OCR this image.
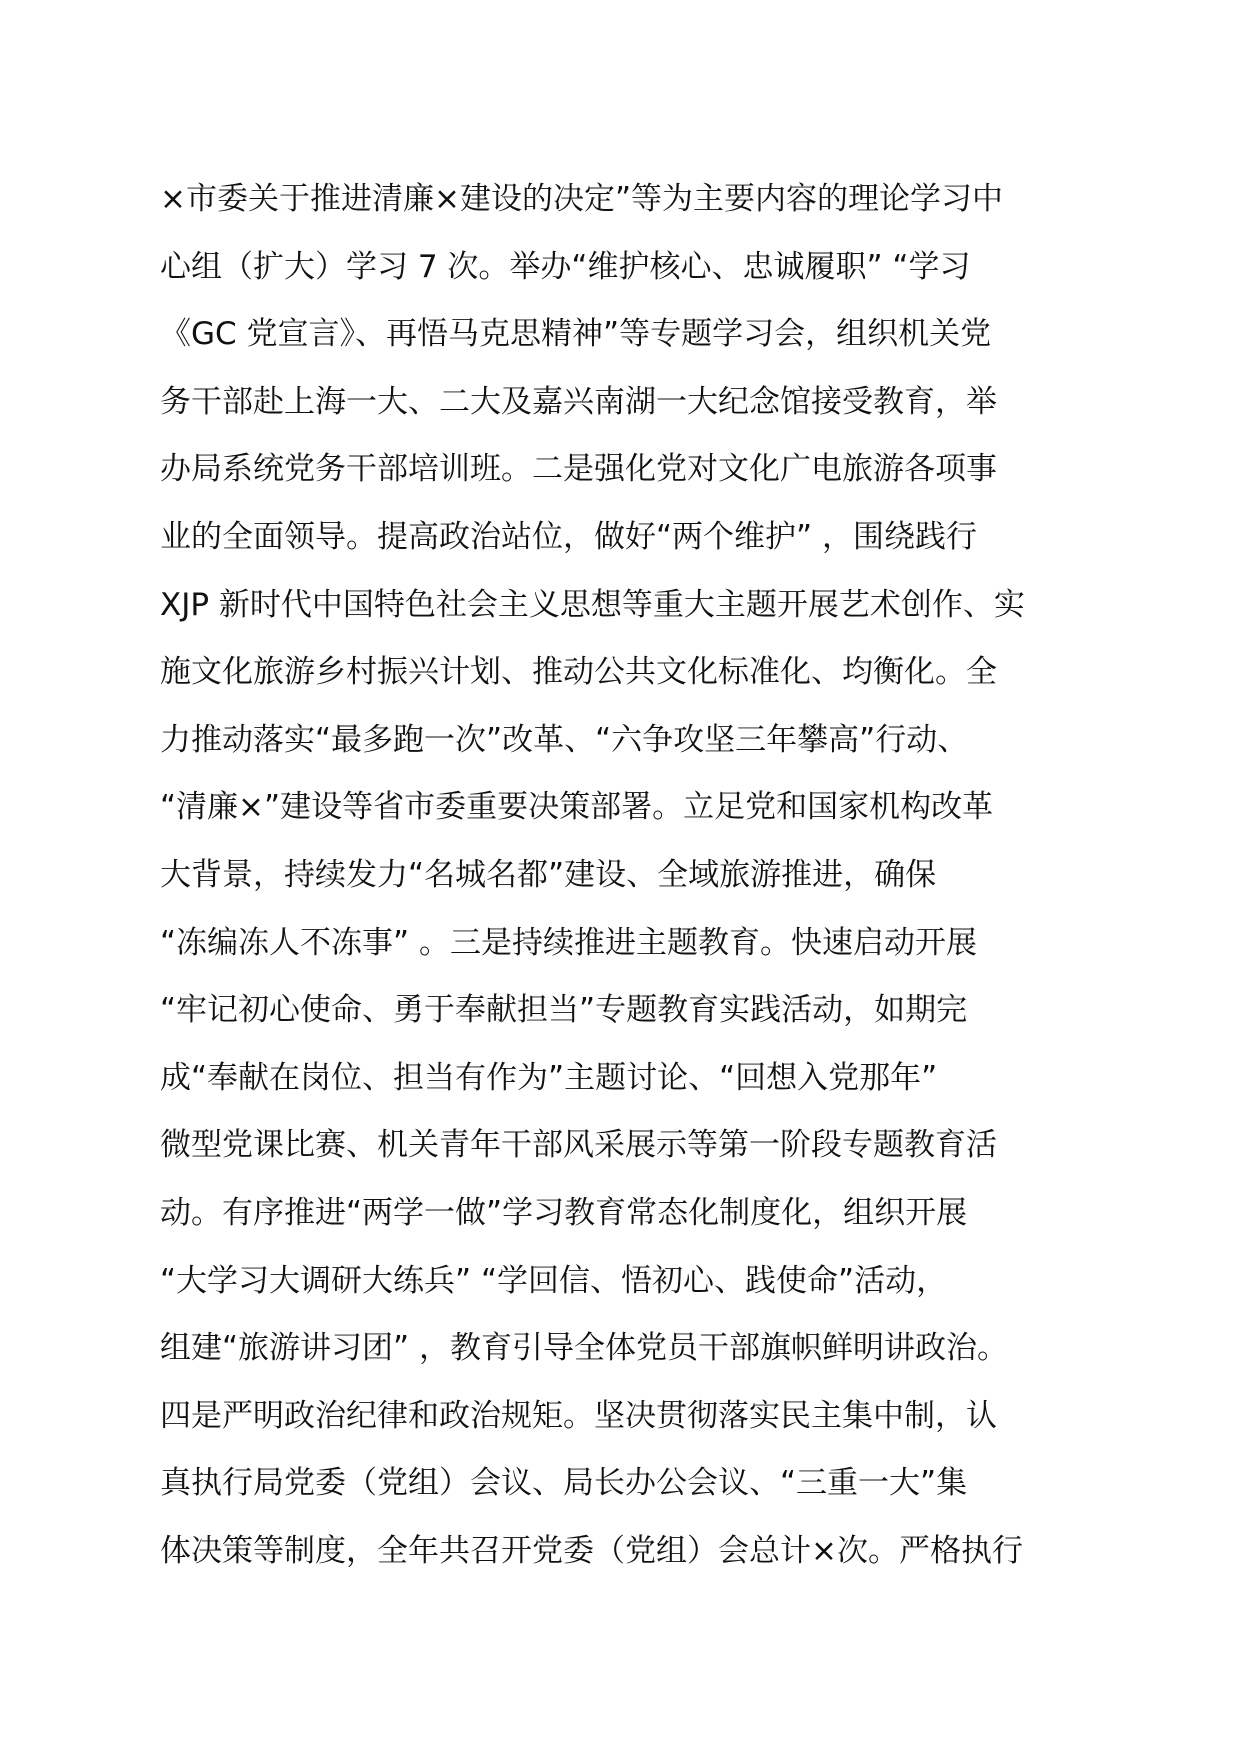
×市委关于推进清廉×建设的决定”等为主要内容的理论学习中
心组（扩大）学习 7 次。举办“维护核心、忠诚履职” “学习
《GC 党宣言》、再悟马克思精神”等专题学习会，组织机关党
务干部赴上海一大、二大及嘉兴南湖一大纪念馆接受教育，举
办局系统党务干部培训班。二是强化党对文化广电旅游各项事
业的全面领导。提高政治站位，做好“两个维护” ，围绕践行
XJP 新时代中国特色社会主义思想等重大主题开展艺术创作、实
施文化旅游乡村振兴计划、推动公共文化标准化、均衡化。全
力推动落实“最多跑一次”改革、“六争攻坚三年攀高”行动、
“清廉×”建设等省市委重要决策部署。立足党和国家机构改革
大背景，持续发力“名城名都”建设、全域旅游推进，确保
“冻编冻人不冻事” 。三是持续推进主题教育。快速启动开展
“牢记初心使命、勇于奉献担当”专题教育实践活动，如期完
成“奉献在岗位、担当有作为”主题讨论、“回想入党那年”
微型党课比赛、机关青年干部风采展示等第一阶段专题教育活
动。有序推进“两学一做”学习教育常态化制度化，组织开展
“大学习大调研大练兵” “学回信、悟初心、践使命”活动，
组建“旅游讲习团” ，教育引导全体党员干部旗帜鲜明讲政治。
四是严明政治纪律和政治规矩。坚决贯彻落实民主集中制，认
真执行局党委（党组）会议、局长办公会议、“三重一大”集
体决策等制度，全年共召开党委（党组）会总计×次。严格执行
